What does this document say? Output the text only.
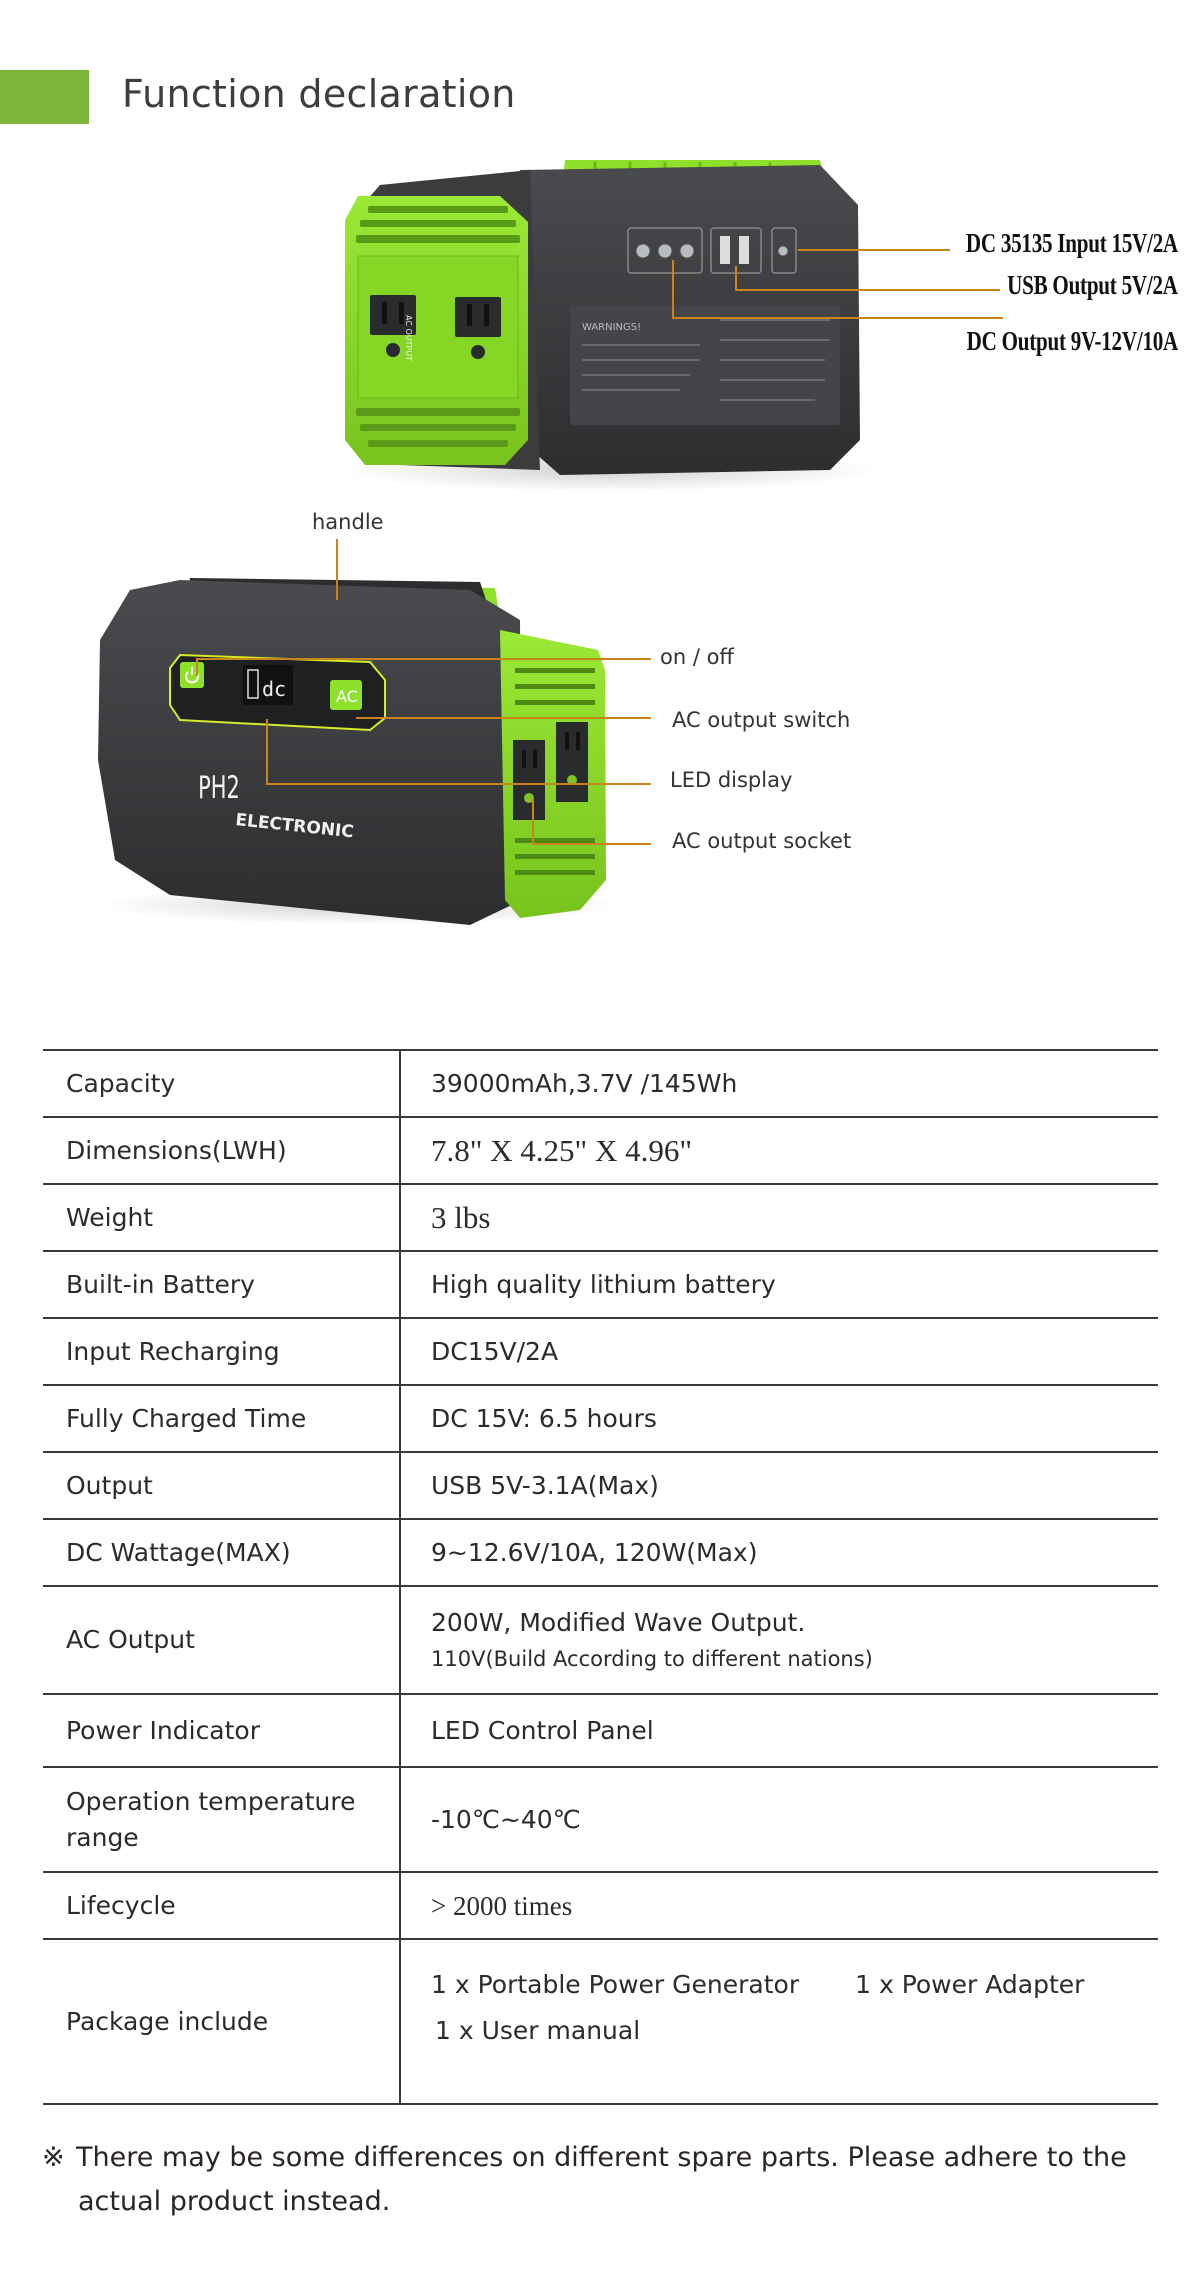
Function declaration
AC OUTPUT	WARNINGS!
dc	AC
PH2
ELECTRONIC
DC 35135 Input 15V/2A
USB Output 5V/2A
DC Output 9V-12V/10A
handle
on / off
AC output switch
LED display
AC output socket
Capacity	39000mAh,3.7V /145Wh
Dimensions(LWH)	7.8" X 4.25" X 4.96"
Weight	3 lbs
Built-in Battery	High quality lithium battery
Input Recharging	DC15V/2A
Fully Charged Time	DC 15V: 6.5 hours
Output	USB 5V-3.1A(Max)
DC Wattage(MAX)	9~12.6V/10A, 120W(Max)
AC Output	200W, Modified Wave Output.
110V(Build According to different nations)

Power Indicator	LED Control Panel
Operation temperature range	-10℃~40℃
Lifecycle	> 2000 times
Package include	1 x Portable Power Generator 1 x Power Adapter
1 x User manual
※ There may be some differences on different spare parts. Please adhere to the
actual product instead.
